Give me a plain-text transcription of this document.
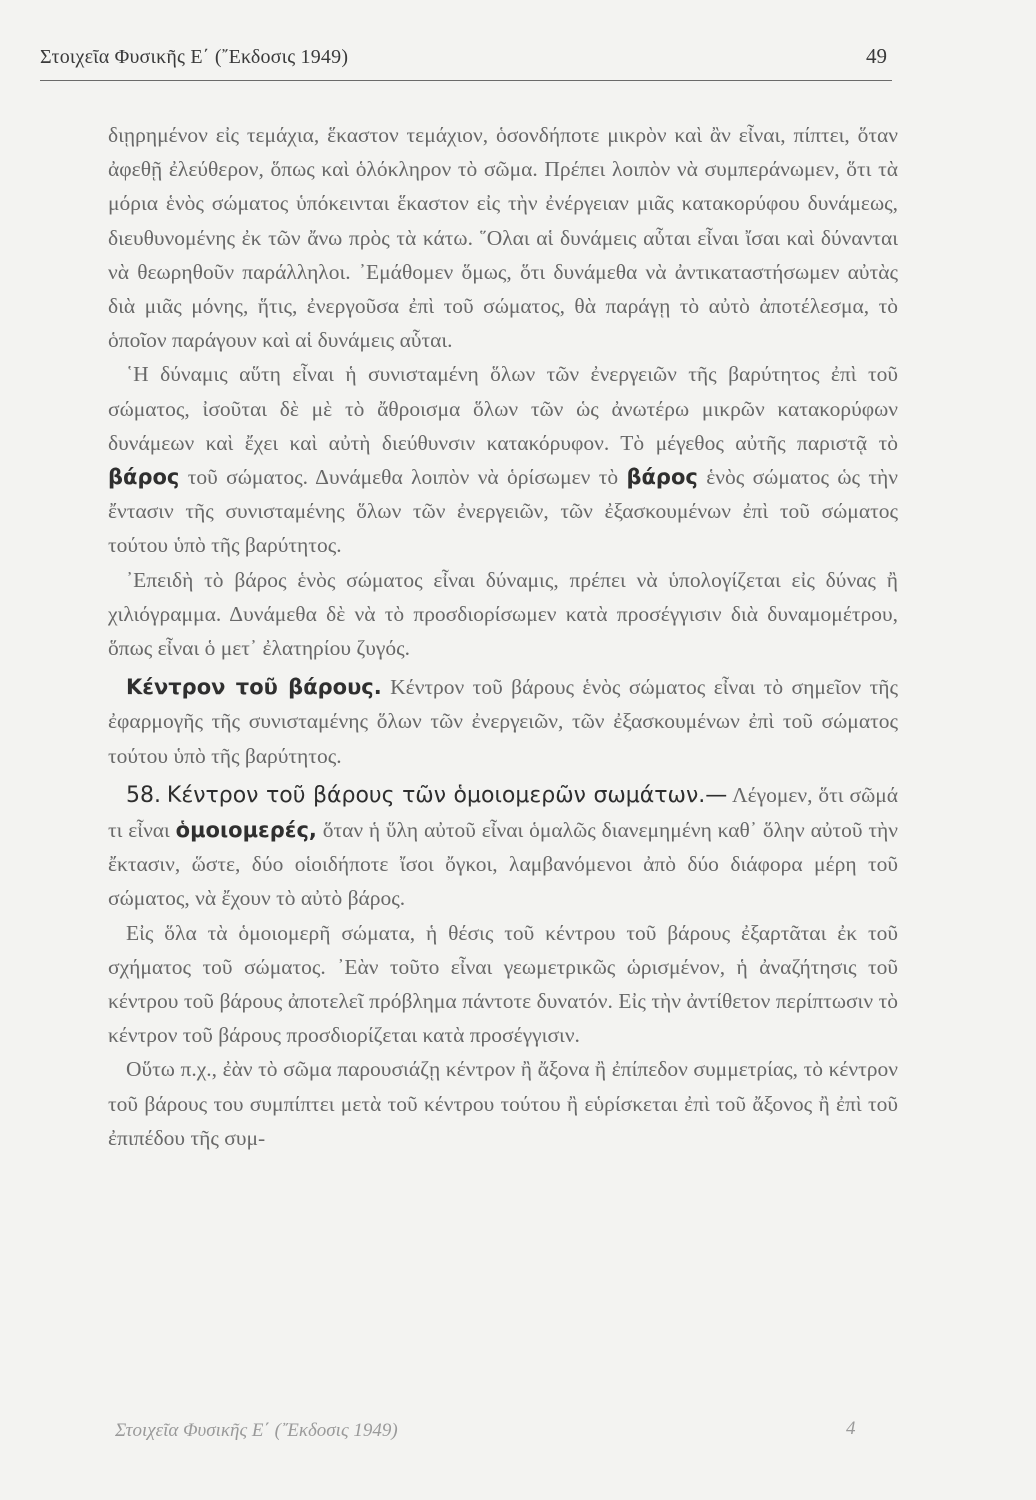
Στοιχεῖα Φυσικῆς Ε΄ (῎Εκδοσις 1949)	49

διῃρημένον εἰς τεμάχια, ἕκαστον τεμάχιον, ὁσονδήποτε μικρὸν καὶ ἂν εἶναι, πίπτει, ὅταν ἀφεθῇ ἐλεύθερον, ὅπως καὶ ὁλόκληρον τὸ σῶμα. Πρέπει λοιπὸν νὰ συμπεράνωμεν, ὅτι τὰ μόρια ἑνὸς σώματος ὑπόκεινται ἕκαστον εἰς τὴν ἐνέργειαν μιᾶς κατακορύφου δυνάμεως, διευθυνομένης ἐκ τῶν ἄνω πρὸς τὰ κάτω. ῞Ολαι αἱ δυνάμεις αὗται εἶναι ἴσαι καὶ δύνανται νὰ θεωρηθοῦν παράλληλοι. ᾿Εμάθομεν ὅμως, ὅτι δυνάμεθα νὰ ἀντικαταστήσωμεν αὐτὰς διὰ μιᾶς μόνης, ἥτις, ἐνεργοῦσα ἐπὶ τοῦ σώματος, θὰ παράγῃ τὸ αὐτὸ ἀποτέλεσμα, τὸ ὁποῖον παράγουν καὶ αἱ δυνάμεις αὗται.

῾Η δύναμις αὕτη εἶναι ἡ συνισταμένη ὅλων τῶν ἐνεργειῶν τῆς βαρύτητος ἐπὶ τοῦ σώματος, ἰσοῦται δὲ μὲ τὸ ἄθροισμα ὅλων τῶν ὡς ἀνωτέρω μικρῶν κατακορύφων δυνάμεων καὶ ἔχει καὶ αὐτὴ διεύθυνσιν κατακόρυφον. Τὸ μέγεθος αὐτῆς παριστᾷ τὸ βάρος τοῦ σώματος. Δυνάμεθα λοιπὸν νὰ ὁρίσωμεν τὸ βάρος ἑνὸς σώματος ὡς τὴν ἔντασιν τῆς συνισταμένης ὅλων τῶν ἐνεργειῶν, τῶν ἐξασκουμένων ἐπὶ τοῦ σώματος τούτου ὑπὸ τῆς βαρύτητος.

᾿Επειδὴ τὸ βάρος ἑνὸς σώματος εἶναι δύναμις, πρέπει νὰ ὑπολογίζεται εἰς δύνας ἢ χιλιόγραμμα. Δυνάμεθα δὲ νὰ τὸ προσδιορίσωμεν κατὰ προσέγγισιν διὰ δυναμομέτρου, ὅπως εἶναι ὁ μετ᾿ ἐλατηρίου ζυγός.

Κέντρον τοῦ βάρους. Κέντρον τοῦ βάρους ἑνὸς σώματος εἶναι τὸ σημεῖον τῆς ἐφαρμογῆς τῆς συνισταμένης ὅλων τῶν ἐνεργειῶν, τῶν ἐξασκουμένων ἐπὶ τοῦ σώματος τούτου ὑπὸ τῆς βαρύτητος.

58. Κέντρον τοῦ βάρους τῶν ὁμοιομερῶν σωμάτων.— Λέγομεν, ὅτι σῶμά τι εἶναι ὁμοιομερές, ὅταν ἡ ὕλη αὐτοῦ εἶναι ὁμαλῶς διανεμημένη καθ᾿ ὅλην αὐτοῦ τὴν ἔκτασιν, ὥστε, δύο οἱοιδήποτε ἴσοι ὄγκοι, λαμβανόμενοι ἀπὸ δύο διάφορα μέρη τοῦ σώματος, νὰ ἔχουν τὸ αὐτὸ βάρος.

Εἰς ὅλα τὰ ὁμοιομερῆ σώματα, ἡ θέσις τοῦ κέντρου τοῦ βάρους ἐξαρτᾶται ἐκ τοῦ σχήματος τοῦ σώματος. ᾿Εὰν τοῦτο εἶναι γεωμετρικῶς ὡρισμένον, ἡ ἀναζήτησις τοῦ κέντρου τοῦ βάρους ἀποτελεῖ πρόβλημα πάντοτε δυνατόν. Εἰς τὴν ἀντίθετον περίπτωσιν τὸ κέντρον τοῦ βάρους προσδιορίζεται κατὰ προσέγγισιν.

Οὕτω π.χ., ἐὰν τὸ σῶμα παρουσιάζῃ κέντρον ἢ ἄξονα ἢ ἐπίπεδον συμμετρίας, τὸ κέντρον τοῦ βάρους του συμπίπτει μετὰ τοῦ κέντρου τούτου ἢ εὑρίσκεται ἐπὶ τοῦ ἄξονος ἢ ἐπὶ τοῦ ἐπιπέδου τῆς συμ-

Στοιχεῖα Φυσικῆς Ε΄ (῎Εκδοσις 1949)	4
